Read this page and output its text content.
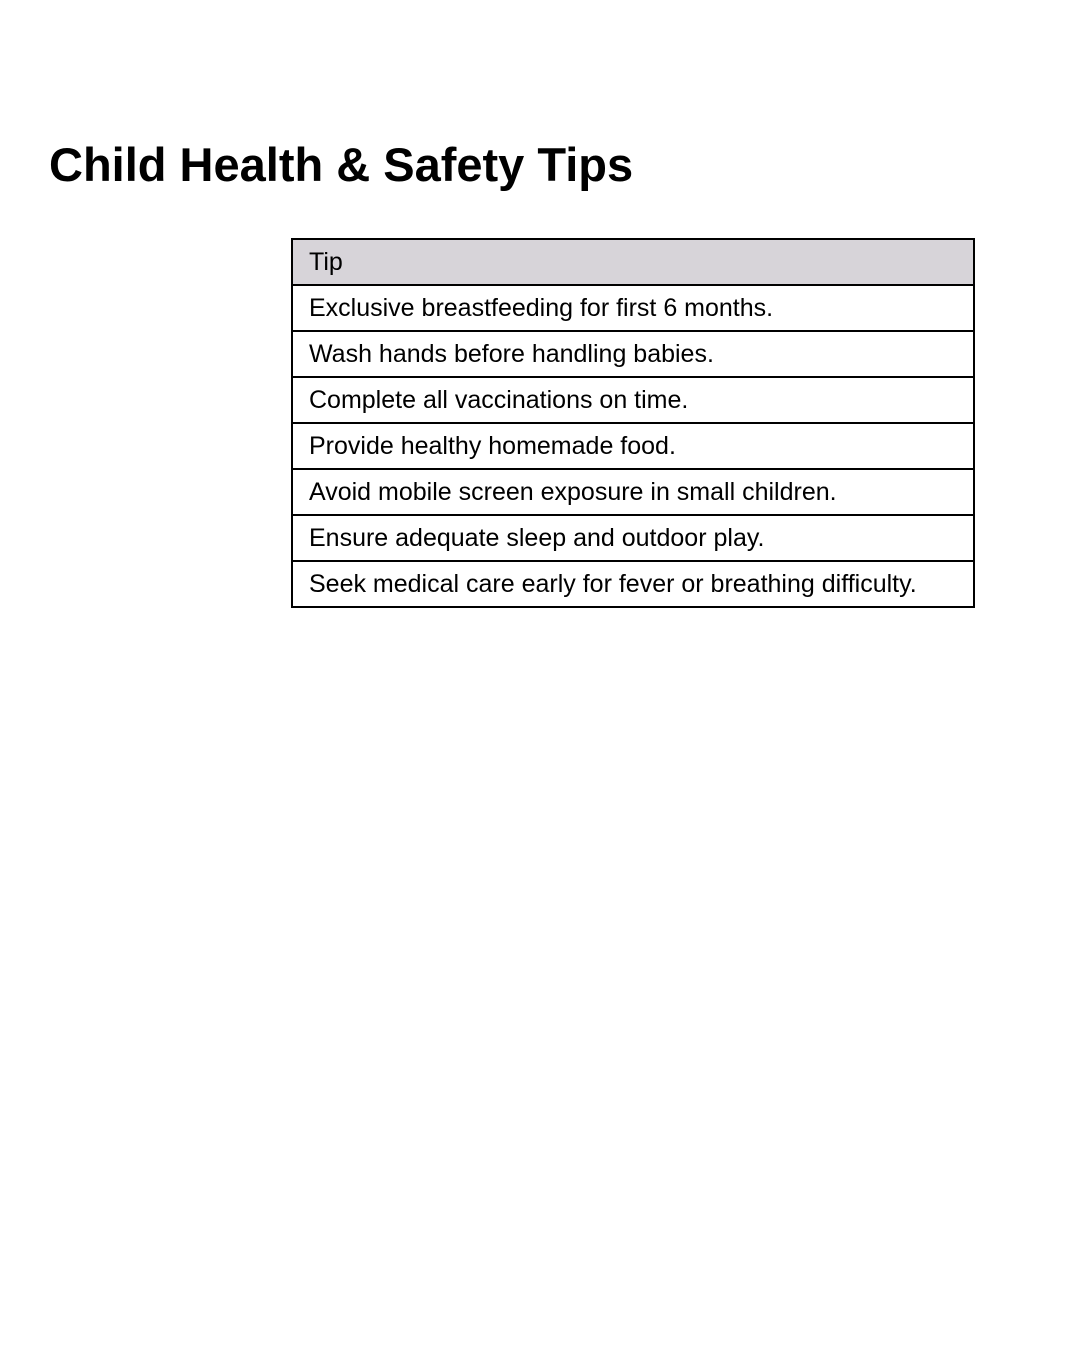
Child Health & Safety Tips
Tip
Exclusive breastfeeding for first 6 months.
Wash hands before handling babies.
Complete all vaccinations on time.
Provide healthy homemade food.
Avoid mobile screen exposure in small children.
Ensure adequate sleep and outdoor play.
Seek medical care early for fever or breathing difficulty.
